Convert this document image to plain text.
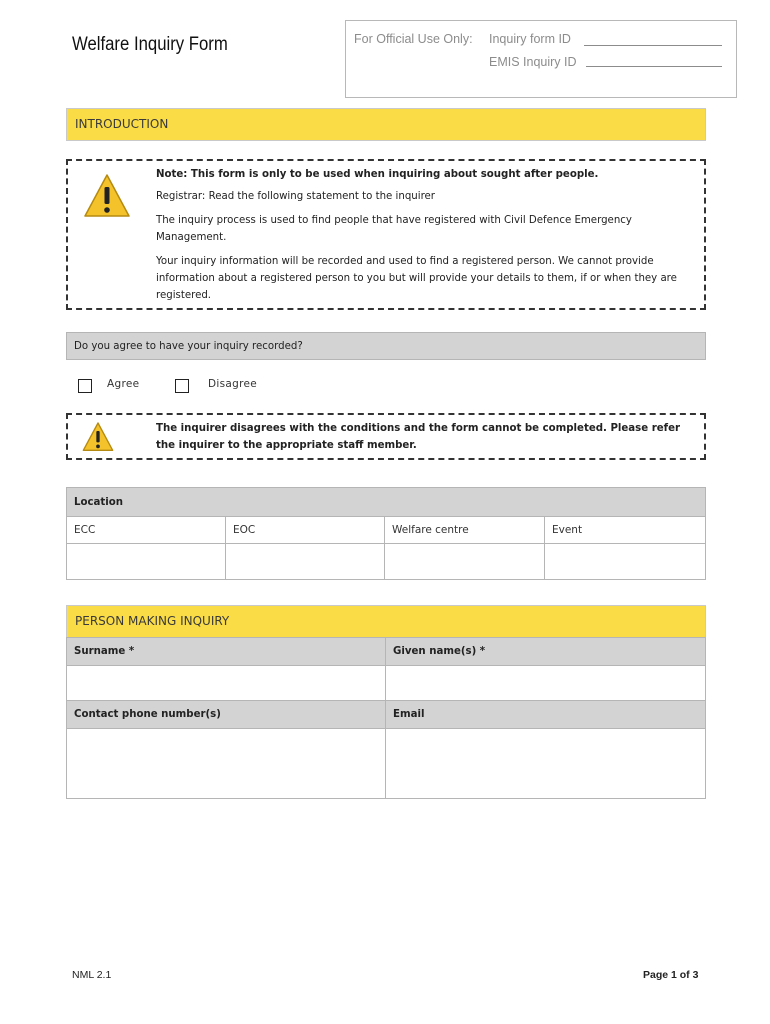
Welfare Inquiry Form	For Official Use Only: Inquiry form ID
EMIS Inquiry ID
INTRODUCTION

Note: This form is only to be used when inquiring about sought after people.

Registrar: Read the following statement to the inquirer

The inquiry process is used to find people that have registered with Civil Defence Emergency Management.

Your inquiry information will be recorded and used to find a registered person. We cannot provide information about a registered person to you but will provide your details to them, if or when they are registered.

Do you agree to have your inquiry recorded?
Agree	Disagree

The inquirer disagrees with the conditions and the form cannot be completed. Please refer the inquirer to the appropriate staff member.

Location
ECC	EOC	Welfare centre	Event
PERSON MAKING INQUIRY
Surname *	Given name(s) *
Contact phone number(s)	Email
NML 2.1	Page 1 of 3
